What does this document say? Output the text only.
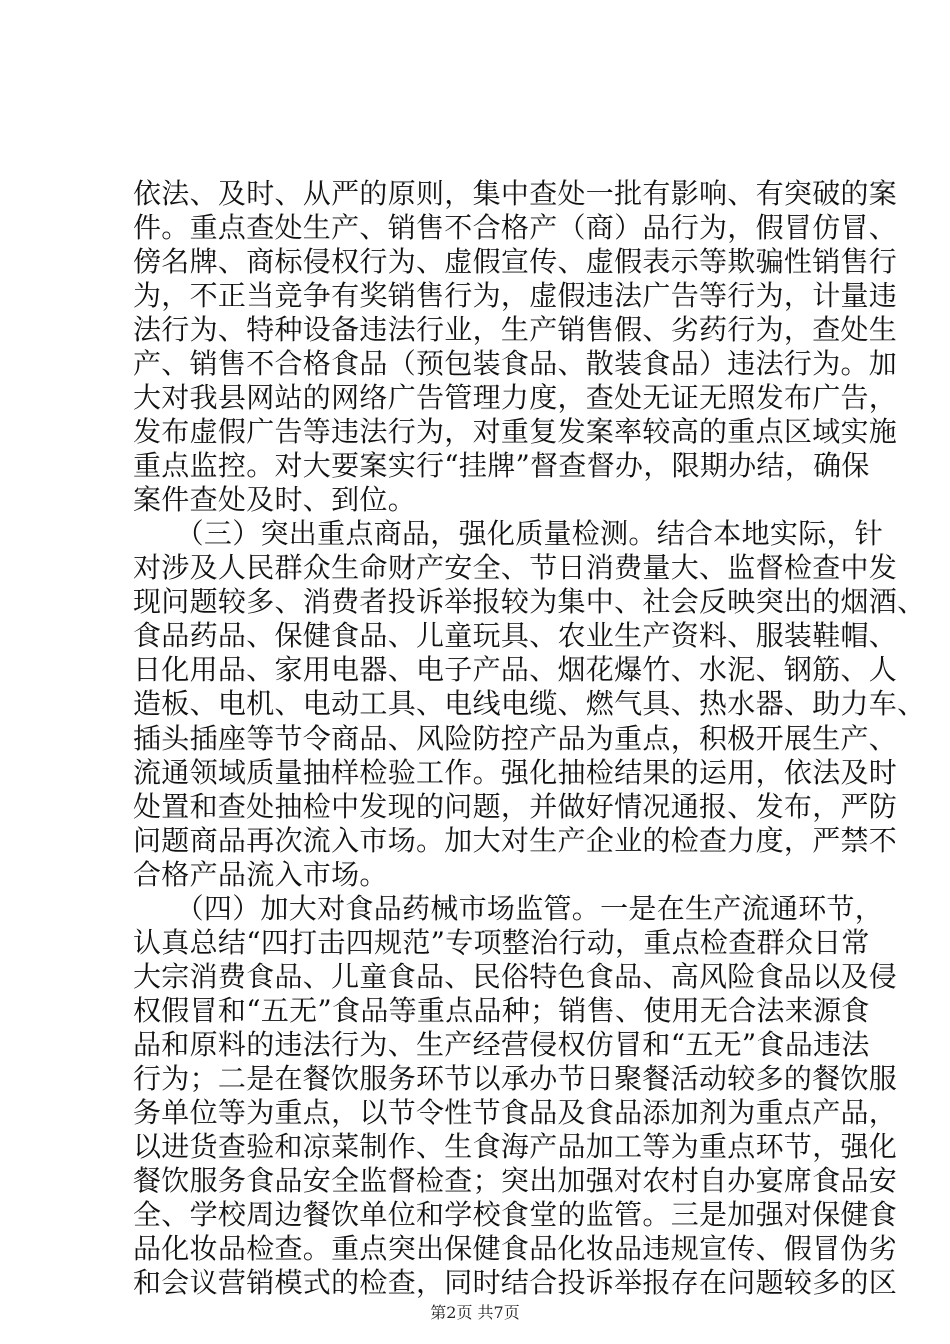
依法、及时、从严的原则，集中查处一批有影响、有突破的案
件。重点查处生产、销售不合格产（商）品行为，假冒仿冒、
傍名牌、商标侵权行为、虚假宣传、虚假表示等欺骗性销售行
为，不正当竞争有奖销售行为，虚假违法广告等行为，计量违
法行为、特种设备违法行业，生产销售假、劣药行为，查处生
产、销售不合格食品（预包装食品、散装食品）违法行为。加
大对我县网站的网络广告管理力度，查处无证无照发布广告，
发布虚假广告等违法行为，对重复发案率较高的重点区域实施
重点监控。对大要案实行“挂牌”督查督办，限期办结，确保
案件查处及时、到位。
　　（三）突出重点商品，强化质量检测。结合本地实际，针
对涉及人民群众生命财产安全、节日消费量大、监督检查中发
现问题较多、消费者投诉举报较为集中、社会反映突出的烟酒、
食品药品、保健食品、儿童玩具、农业生产资料、服装鞋帽、
日化用品、家用电器、电子产品、烟花爆竹、水泥、钢筋、人
造板、电机、电动工具、电线电缆、燃气具、热水器、助力车、
插头插座等节令商品、风险防控产品为重点，积极开展生产、
流通领域质量抽样检验工作。强化抽检结果的运用，依法及时
处置和查处抽检中发现的问题，并做好情况通报、发布，严防
问题商品再次流入市场。加大对生产企业的检查力度，严禁不
合格产品流入市场。
　　（四）加大对食品药械市场监管。一是在生产流通环节，
认真总结“四打击四规范”专项整治行动，重点检查群众日常
大宗消费食品、儿童食品、民俗特色食品、高风险食品以及侵
权假冒和“五无”食品等重点品种；销售、使用无合法来源食
品和原料的违法行为、生产经营侵权仿冒和“五无”食品违法
行为；二是在餐饮服务环节以承办节日聚餐活动较多的餐饮服
务单位等为重点，以节令性节食品及食品添加剂为重点产品，
以进货查验和凉菜制作、生食海产品加工等为重点环节，强化
餐饮服务食品安全监督检查；突出加强对农村自办宴席食品安
全、学校周边餐饮单位和学校食堂的监管。三是加强对保健食
品化妆品检查。重点突出保健食品化妆品违规宣传、假冒伪劣
和会议营销模式的检查，同时结合投诉举报存在问题较多的区
第2页 共7页
